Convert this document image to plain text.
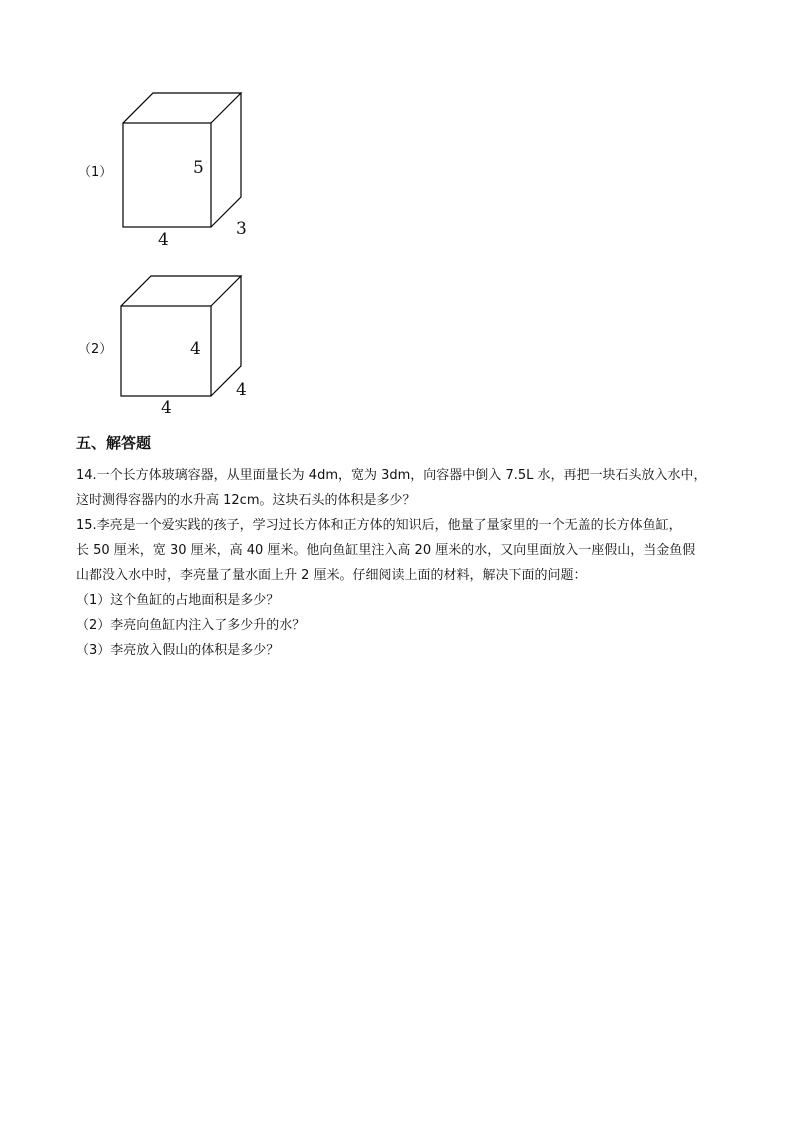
（1）	5
4
3
（2）	4
4
4
五、解答题
14.一个长方体玻璃容器，从里面量长为 4dm，宽为 3dm，向容器中倒入 7.5L 水，再把一块石头放入水中，
这时测得容器内的水升高 12cm。这块石头的体积是多少？
15.李亮是一个爱实践的孩子，学习过长方体和正方体的知识后，他量了量家里的一个无盖的长方体鱼缸，
长 50 厘米，宽 30 厘米，高 40 厘米。他向鱼缸里注入高 20 厘米的水，又向里面放入一座假山，当金鱼假
山都没入水中时，李亮量了量水面上升 2 厘米。仔细阅读上面的材料，解决下面的问题：
（1）这个鱼缸的占地面积是多少？
（2）李亮向鱼缸内注入了多少升的水？
（3）李亮放入假山的体积是多少？
